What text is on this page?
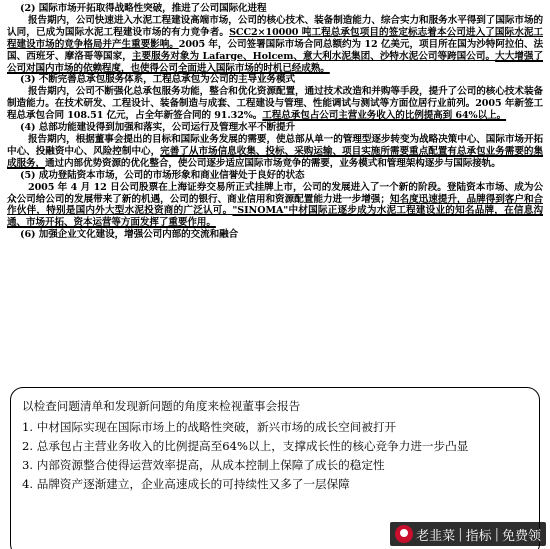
(2) 国际市场开拓取得战略性突破，推进了公司国际化进程

报告期内，公司快速进入水泥工程建设高端市场，公司的核心技术、装备制造能力、综合实力和服务水平得到了国际市场的认同，已成为国际水泥工程建设市场的有力竞争者。SCC2×10000 吨工程总承包项目的签定标志着本公司进入了国际水泥工程建设市场的竞争格局并产生重要影响。2005 年，公司签署国际市场合同总额约为 12 亿美元，项目所在国为沙特阿拉伯、法国、西班牙、摩洛哥等国家，主要服务对象为 Lafarge、Holcem、意大利水泥集团、沙特水泥公司等跨国公司。大大增强了公司对国内市场的依赖程度，也使得公司全面进入国际市场的时机已经成熟。

(3) 不断完善总承包服务体系，工程总承包为公司的主导业务模式

报告期内，公司不断强化总承包服务功能，整合和优化资源配置，通过技术改造和并购等手段，提升了公司的核心技术装备制造能力。在技术研发、工程设计、装备制造与成套、工程建设与管理、性能调试与测试等方面位居行业前列。2005 年新签工程总承包合同 108.51 亿元，占全年新签合同的 91.32%。工程总承包占公司主营业务收入的比例提高到 64%以上。

(4) 总部功能建设得到加强和落实，公司运行及管理水平不断提升

报告期内，根据董事会提出的目标和国际业务发展的需要，使总部从单一的管理型逐步转变为战略决策中心、国际市场开拓中心、投融资中心、风险控制中心，完善了从市场信息收集、投标、采购运输、项目实施所需要重点配置有总承包业务需要的集成服务，通过内部优势资源的优化整合，使公司逐步适应国际市场竞争的需要，业务模式和管理架构逐步与国际接轨。

(5) 成功登陆资本市场，公司的市场形象和商业信誉处于良好的状态

2005 年 4 月 12 日公司股票在上海证券交易所正式挂牌上市，公司的发展进入了一个新的阶段。登陆资本市场、成为公众公司给公司的发展带来了新的机遇，公司的银行、商业信用和资源配置能力进一步增强；知名度迅速提升，品牌得到客户和合作伙伴，特别是国内外大型水泥投资商的广泛认可。"SINOMA"中材国际正逐步成为水泥工程建设业的知名品牌，在信息沟通、市场开拓、资本运营等方面发挥了重要作用。

(6) 加强企业文化建设，增强公司内部的交流和融合

以检查问题清单和发现新问题的角度来检视董事会报告

1. 中材国际实现在国际市场上的战略性突破，新兴市场的成长空间被打开

2. 总承包占主营业务收入的比例提高至64%以上，支撑成长性的核心竞争力进一步凸显

3. 内部资源整合使得运营效率提高，从成本控制上保障了成长的稳定性

4. 品牌资产逐渐建立，企业高速成长的可持续性又多了一层保障

老韭菜 | 指标 | 免费领
